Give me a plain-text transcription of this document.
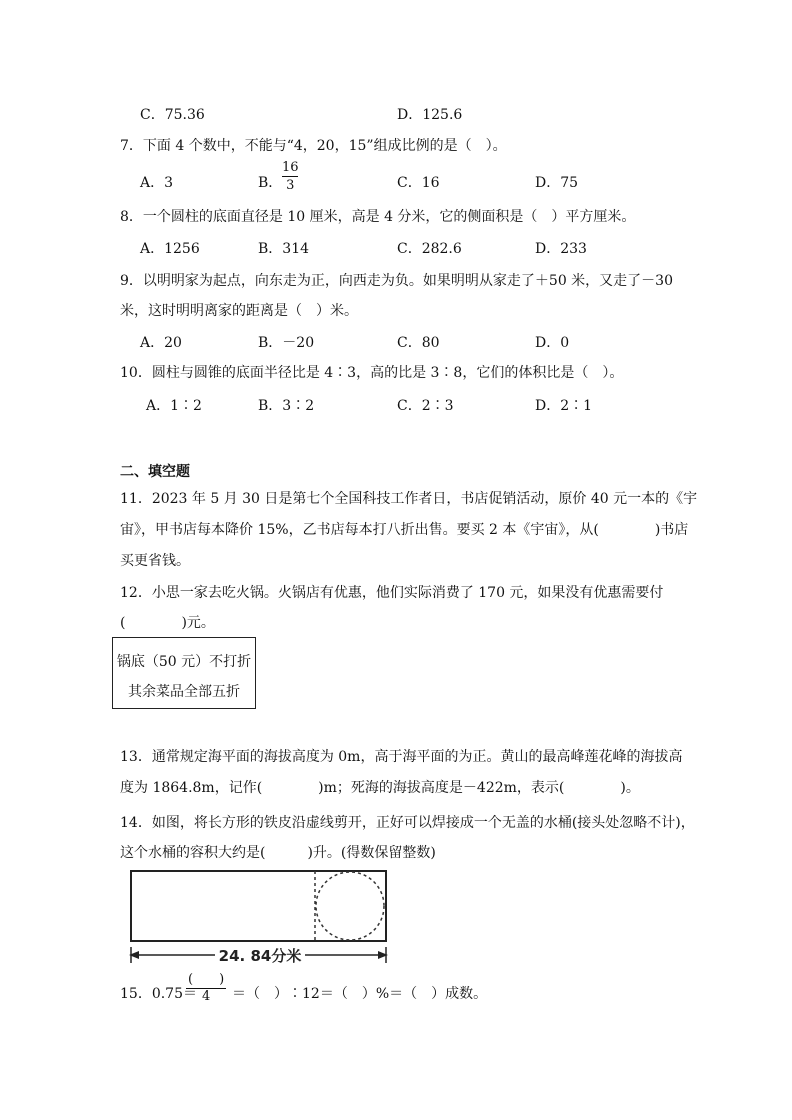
C．75.36	D．125.6
7．下面 4 个数中，不能与“4，20，15”组成比例的是（　）。
A．3	B．
16
3	C．16	D．75
8．一个圆柱的底面直径是 10 厘米，高是 4 分米，它的侧面积是（　）平方厘米。
A．1256	B．314	C．282.6	D．233
9．以明明家为起点，向东走为正，向西走为负。如果明明从家走了＋50 米，又走了－30
米，这时明明离家的距离是（　）米。
A．20	B．－20	C．80	D．0
10．圆柱与圆锥的底面半径比是 4∶3，高的比是 3∶8，它们的体积比是（　）。
A．1∶2	B．3∶2	C．2∶3	D．2∶1
二、填空题
11．2023 年 5 月 30 日是第七个全国科技工作者日，书店促销活动，原价 40 元一本的《宇
宙》，甲书店每本降价 15%，乙书店每本打八折出售。要买 2 本《宇宙》，从(　　　　)书店
买更省钱。
12．小思一家去吃火锅。火锅店有优惠，他们实际消费了 170 元，如果没有优惠需要付
(　　　　)元。
锅底（50 元）不打折
其余菜品全部五折
13．通常规定海平面的海拔高度为 0m，高于海平面的为正。黄山的最高峰莲花峰的海拔高
度为 1864.8m，记作(　　　　)m；死海的海拔高度是－422m，表示(　　　　)。
14．如图，将长方形的铁皮沿虚线剪开，正好可以焊接成一个无盖的水桶(接头处忽略不计)，
这个水桶的容积大约是(　　　)升。(得数保留整数)
24. 84分米
15．0.75＝
(　　)
4 ＝（　）∶12＝（　）%＝（　）成数。
